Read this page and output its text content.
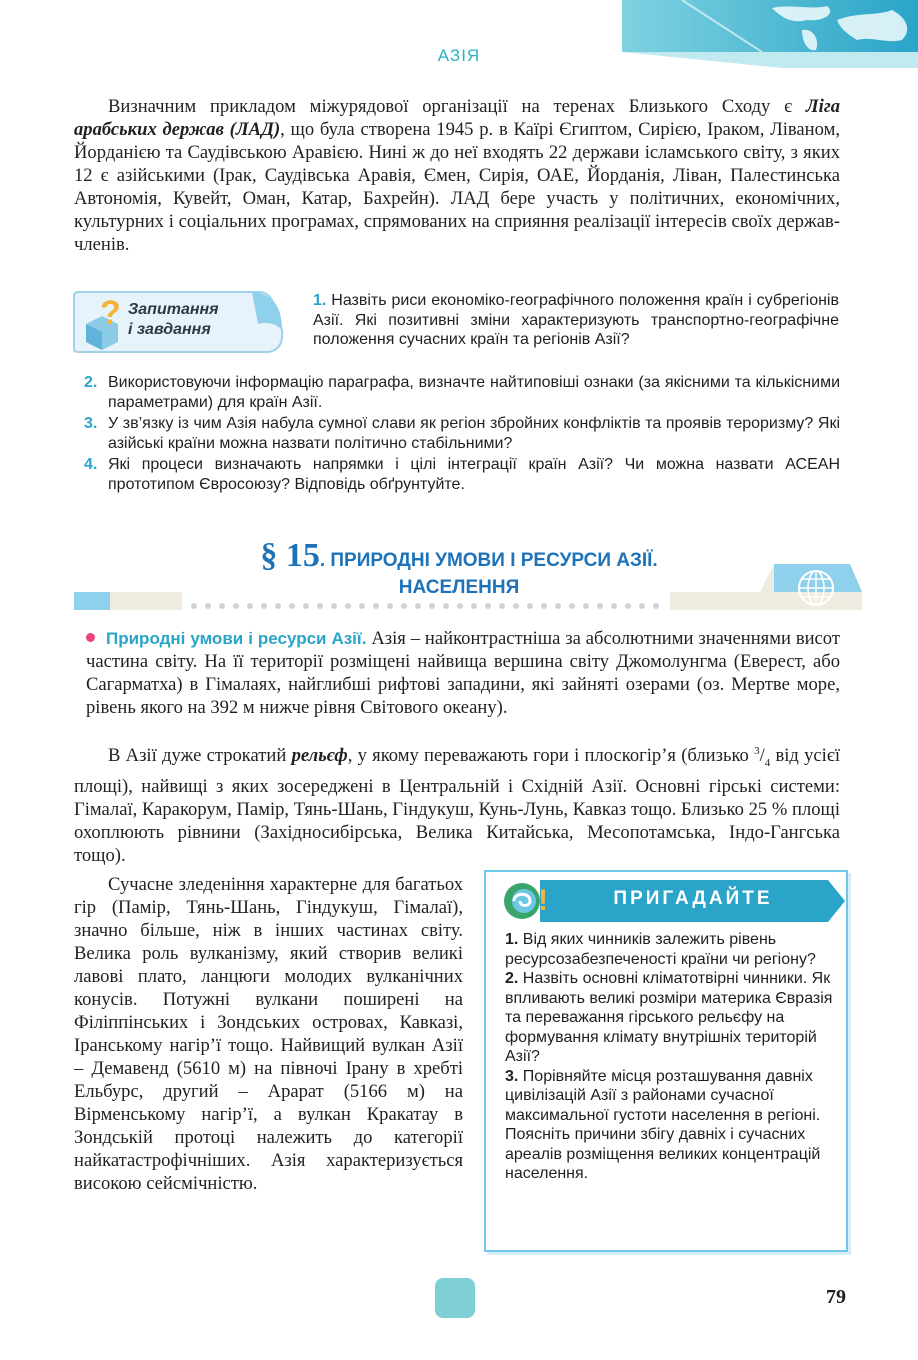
АЗІЯ
Визначним прикладом міжурядової організації на теренах Близького Сходу є Ліга арабських держав (ЛАД), що була створена 1945 р. в Каїрі Єгиптом, Сирією, Іраком, Ліваном, Йорданією та Саудівською Аравією. Нині ж до неї входять 22 держави ісламського світу, з яких 12 є азійськими (Ірак, Саудівська Аравія, Ємен, Сирія, ОАЕ, Йорданія, Ліван, Палестинська Автономія, Кувейт, Оман, Катар, Бахрейн). ЛАД бере участь у політичних, економічних, культурних і соціальних програмах, спрямованих на сприяння реалізації інтересів своїх держав-членів.
? Запитання
і завдання
1. Назвіть риси економіко-географічного положення країн і субрегіонів Азії. Які позитивні зміни характеризують транспортно-географічне положення сучасних країн та регіонів Азії?
2. Використовуючи інформацію параграфа, визначте найтиповіші ознаки (за якісними та кількісними параметрами) для країн Азії.
3. У зв’язку із чим Азія набула сумної слави як регіон збройних конфліктів та проявів тероризму? Які азійські країни можна назвати політично стабільними?
4. Які процеси визначають напрямки і цілі інтеграції країн Азії? Чи можна назвати АСЕАН прототипом Євросоюзу? Відповідь обґрунтуйте.
§ 15. ПРИРОДНІ УМОВИ І РЕСУРСИ АЗІЇ.
НАСЕЛЕННЯ
Природні умови і ресурси Азії. Азія – найконтрастніша за абсолютними значеннями висот частина світу. На її території розміщені найвища вершина світу Джомолунгма (Еверест, або Сагарматха) в Гімалаях, найглибші рифтові западини, які зайняті озерами (оз. Мертве море, рівень якого на 392 м нижче рівня Світового океану).
В Азії дуже строкатий рельєф, у якому переважають гори і плоскогір’я (близько $^3/_4$ від усієї площі), найвищі з яких зосереджені в Центральній і Східній Азії. Основні гірські системи: Гімалаї, Каракорум, Памір, Тянь-Шань, Гіндукуш, Кунь-Лунь, Кавказ тощо. Близько 25 % площі охоплюють рівнини (Західносибірська, Велика Китайська, Месопотамська, Індо-Гангська тощо).
Сучасне зледеніння характерне для багатьох гір (Памір, Тянь-Шань, Гіндукуш, Гімалаї), значно більше, ніж в інших частинах світу. Велика роль вулканізму, який створив великі лавові плато, ланцюги молодих вулканічних конусів. Потужні вулкани поширені на Філіппінських і Зондських островах, Кавказі, Іранському нагір’ї тощо. Найвищий вулкан Азії – Демавенд (5610 м) на півночі Ірану в хребті Ельбурс, другий – Арарат (5166 м) на Вірменському нагір’ї, а вулкан Кракатау в Зондській протоці належить до категорії найкатастрофічніших. Азія характеризується високою сейсмічністю.
!	ПРИГАДАЙТЕ
1. Від яких чинників залежить рівень ресурсозабезпеченості країни чи регіону?
2. Назвіть основні кліматотвірні чинники. Як впливають великі розміри материка Євразія та переважання гірського рельєфу на формування клімату внутрішніх територій Азії?
3. Порівняйте місця розташування давніх цивілізацій Азії з районами сучасної максимальної густоти населення в регіоні. Поясніть причини збігу давніх і сучасних ареалів розміщення великих концентрацій населення.
79
